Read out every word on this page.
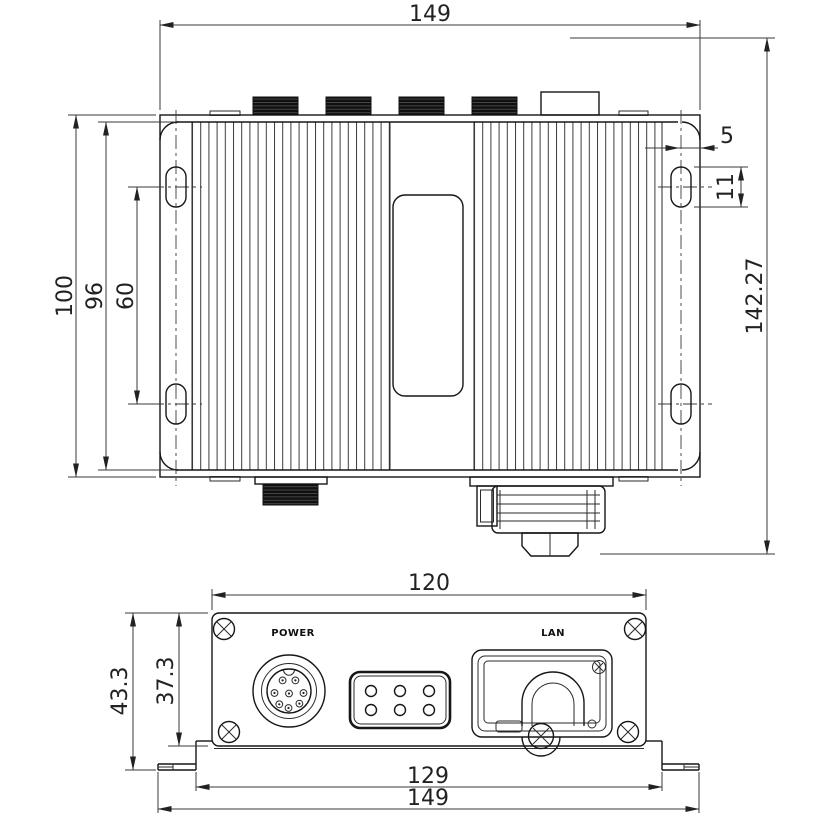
149
142.27
5
11
100 96 60
POWER	LAN
120
43.3 37.3
129
149
